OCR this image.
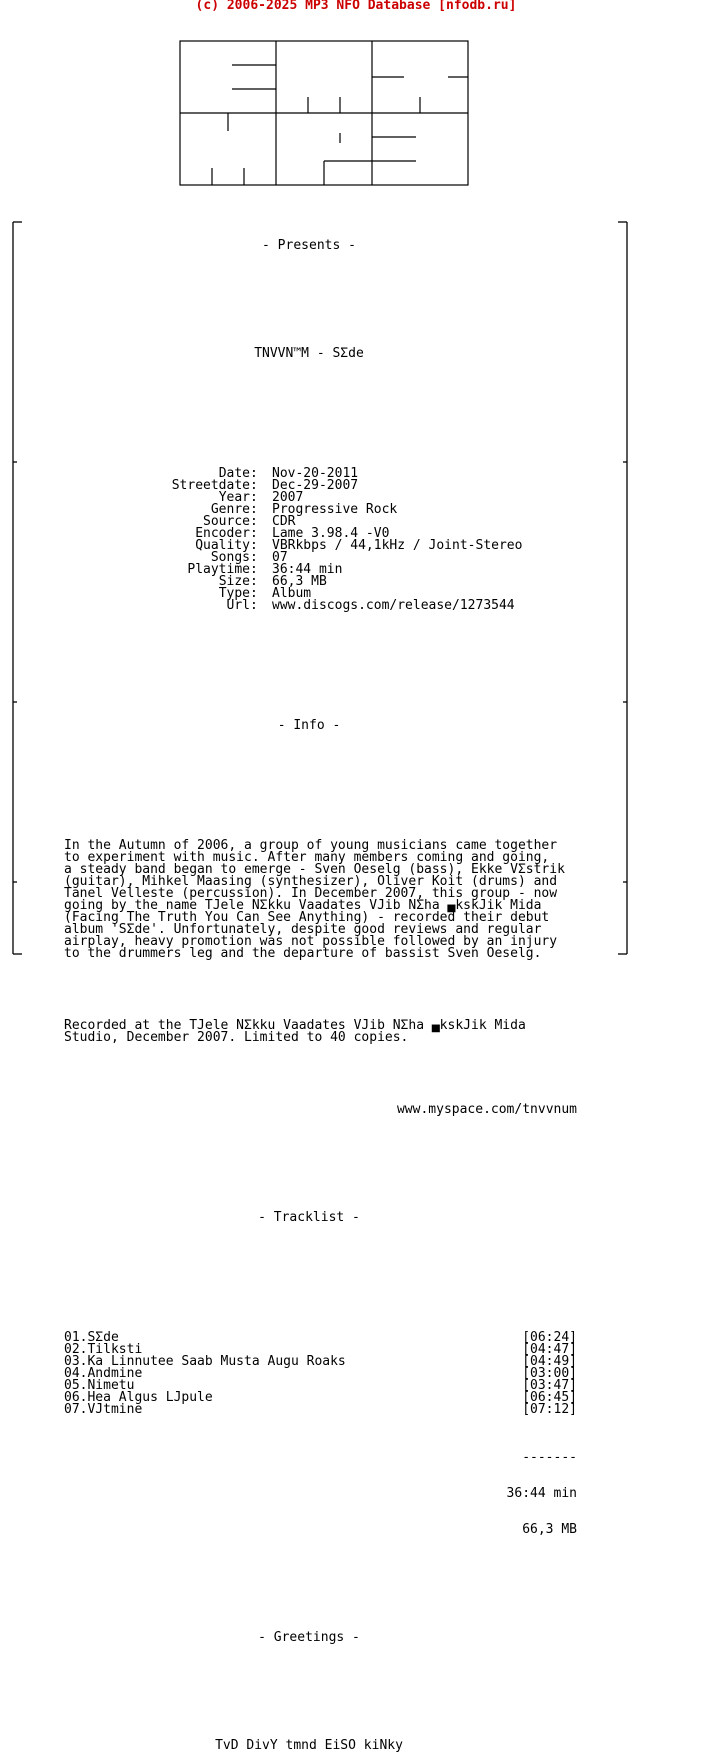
(c) 2006-2025 MP3 NFO Database [nfodb.ru]

- Presents -

TNVVN™M - SΣde

Date : Nov-20-2011
Streetdate : Dec-29-2007
Year : 2007
Genre : Progressive Rock
Source : CDR
Encoder : Lame 3.98.4 -V0
Quality : VBRkbps / 44,1kHz / Joint-Stereo
Songs : 07
Playtime : 36:44 min
Size : 66,3 MB
Type : Album
Url : www.discogs.com/release/1273544

- Info -

In the Autumn of 2006, a group of young musicians came together
to experiment with music. After many members coming and going,
a steady band began to emerge - Sven Oeselg (bass), Ekke VΣstrik
(guitar), Mihkel Maasing (synthesizer), Oliver Koit (drums) and
Tanel Velleste (percussion). In December 2007, this group - now
going by the name TJele NΣkku Vaadates VJib NΣha ▄kskJik Mida
(Facing The Truth You Can See Anything) - recorded their debut
album 'SΣde'. Unfortunately, despite good reviews and regular
airplay, heavy promotion was not possible followed by an injury
to the drummers leg and the departure of bassist Sven Oeselg.

Recorded at the TJele NΣkku Vaadates VJib NΣha ▄kskJik Mida
Studio, December 2007. Limited to 40 copies.

www.myspace.com/tnvvnum

- Tracklist -

01.SΣde	[06:24]
02.Tilksti	[04:47]
03.Ka Linnutee Saab Musta Augu Roaks	[04:49]
04.Andmine	[03:00]
05.Nimetu	[03:47]
06.Hea Algus LJpule	[06:45]
07.VJtmine	[07:12]

-------

36:44 min

66,3 MB

- Greetings -

TvD DivY tmnd EiSO kiNky
